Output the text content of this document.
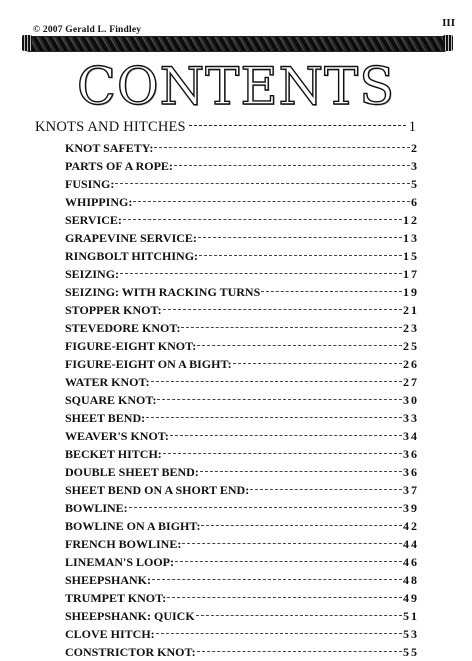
© 2007 Gerald L. Findley
III
CONTENTS
KNOTS AND HITCHES	1
KNOT SAFETY:	2
PARTS OF A ROPE:	3
FUSING:	5
WHIPPING:	6
SERVICE:	12
GRAPEVINE SERVICE:	13
RINGBOLT HITCHING:	15
SEIZING:	17
SEIZING: WITH RACKING TURNS	19
STOPPER KNOT:	21
STEVEDORE KNOT:	23
FIGURE-EIGHT KNOT:	25
FIGURE-EIGHT ON A BIGHT:	26
WATER KNOT:	27
SQUARE KNOT:	30
SHEET BEND:	33
WEAVER'S KNOT:	34
BECKET HITCH:	36
DOUBLE SHEET BEND:	36
SHEET BEND ON A SHORT END:	37
BOWLINE:	39
BOWLINE ON A BIGHT:	42
FRENCH BOWLINE:	44
LINEMAN'S LOOP:	46
SHEEPSHANK:	48
TRUMPET KNOT:	49
SHEEPSHANK: QUICK	51
CLOVE HITCH:	53
CONSTRICTOR KNOT:	55
